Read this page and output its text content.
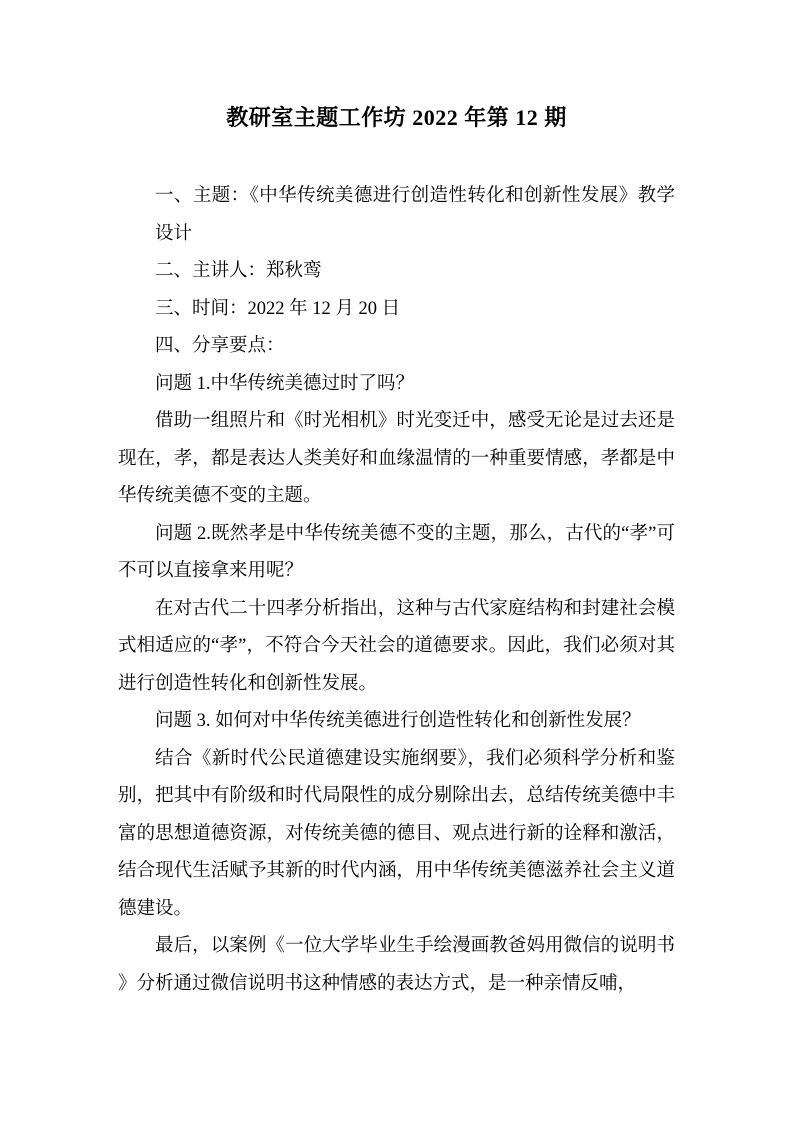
教研室主题工作坊 2022 年第 12 期

一、主题：《中华传统美德进行创造性转化和创新性发展》教学设计

二、主讲人：郑秋鸾

三、时间：2022 年 12 月 20 日

四、分享要点：

问题 1.中华传统美德过时了吗？

借助一组照片和《时光相机》时光变迁中，感受无论是过去还是现在，孝，都是表达人类美好和血缘温情的一种重要情感，孝都是中华传统美德不变的主题。

问题 2.既然孝是中华传统美德不变的主题，那么，古代的“孝”可不可以直接拿来用呢？

在对古代二十四孝分析指出，这种与古代家庭结构和封建社会模式相适应的“孝”，不符合今天社会的道德要求。因此，我们必须对其进行创造性转化和创新性发展。

问题 3. 如何对中华传统美德进行创造性转化和创新性发展？

结合《新时代公民道德建设实施纲要》，我们必须科学分析和鉴别，把其中有阶级和时代局限性的成分剔除出去，总结传统美德中丰富的思想道德资源，对传统美德的德目、观点进行新的诠释和激活，结合现代生活赋予其新的时代内涵，用中华传统美德滋养社会主义道德建设。

最后，以案例《一位大学毕业生手绘漫画教爸妈用微信的说明书》分析通过微信说明书这种情感的表达方式，是一种亲情反哺，
